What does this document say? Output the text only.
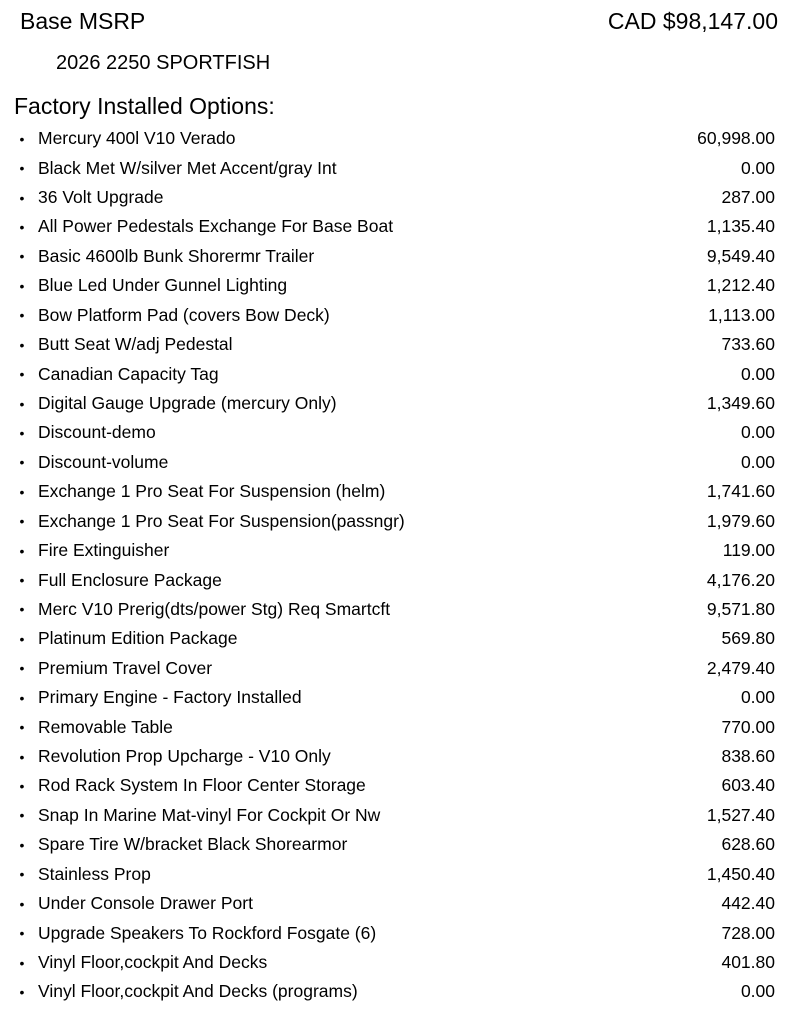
Base MSRP	CAD $98,147.00
2026 2250 SPORTFISH
Factory Installed Options:
• Mercury 400l V10 Verado	60,998.00
• Black Met W/silver Met Accent/gray Int	0.00
• 36 Volt Upgrade	287.00
• All Power Pedestals Exchange For Base Boat	1,135.40
• Basic 4600lb Bunk Shorermr Trailer	9,549.40
• Blue Led Under Gunnel Lighting	1,212.40
• Bow Platform Pad (covers Bow Deck)	1,113.00
• Butt Seat W/adj Pedestal	733.60
• Canadian Capacity Tag	0.00
• Digital Gauge Upgrade (mercury Only)	1,349.60
• Discount-demo	0.00
• Discount-volume	0.00
• Exchange 1 Pro Seat For Suspension (helm)	1,741.60
• Exchange 1 Pro Seat For Suspension(passngr)	1,979.60
• Fire Extinguisher	119.00
• Full Enclosure Package	4,176.20
• Merc V10 Prerig(dts/power Stg) Req Smartcft	9,571.80
• Platinum Edition Package	569.80
• Premium Travel Cover	2,479.40
• Primary Engine - Factory Installed	0.00
• Removable Table	770.00
• Revolution Prop Upcharge - V10 Only	838.60
• Rod Rack System In Floor Center Storage	603.40
• Snap In Marine Mat-vinyl For Cockpit Or Nw	1,527.40
• Spare Tire W/bracket Black Shorearmor	628.60
• Stainless Prop	1,450.40
• Under Console Drawer Port	442.40
• Upgrade Speakers To Rockford Fosgate (6)	728.00
• Vinyl Floor,cockpit And Decks	401.80
• Vinyl Floor,cockpit And Decks (programs)	0.00
